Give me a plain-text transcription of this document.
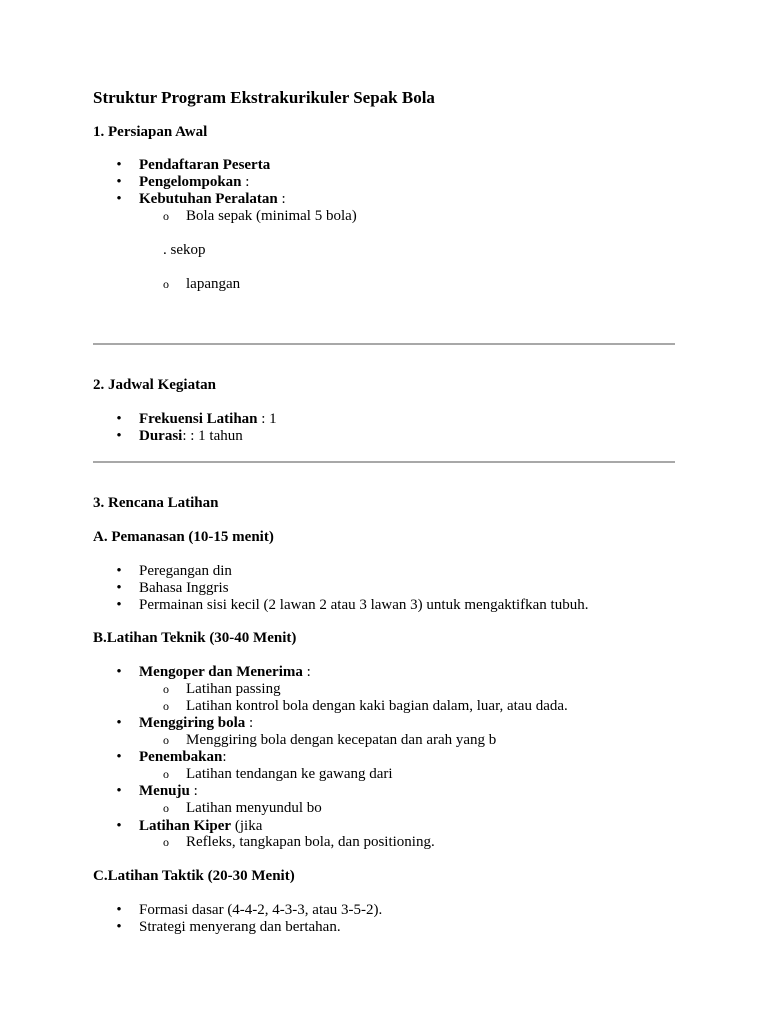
Struktur Program Ekstrakurikuler Sepak Bola
1. Persiapan Awal
• Pendaftaran Peserta
• Pengelompokan :
• Kebutuhan Peralatan :
o Bola sepak (minimal 5 bola)
. sekop
o lapangan
2. Jadwal Kegiatan
• Frekuensi Latihan : 1
• Durasi: : 1 tahun
3. Rencana Latihan
A. Pemanasan (10-15 menit)
• Peregangan din
• Bahasa Inggris
• Permainan sisi kecil (2 lawan 2 atau 3 lawan 3) untuk mengaktifkan tubuh.
B.Latihan Teknik (30-40 Menit)
• Mengoper dan Menerima :
o Latihan passing
o Latihan kontrol bola dengan kaki bagian dalam, luar, atau dada.
• Menggiring bola :
o Menggiring bola dengan kecepatan dan arah yang b
• Penembakan:
o Latihan tendangan ke gawang dari
• Menuju :
o Latihan menyundul bo
• Latihan Kiper (jika
o Refleks, tangkapan bola, dan positioning.
C.Latihan Taktik (20-30 Menit)
• Formasi dasar (4-4-2, 4-3-3, atau 3-5-2).
• Strategi menyerang dan bertahan.
